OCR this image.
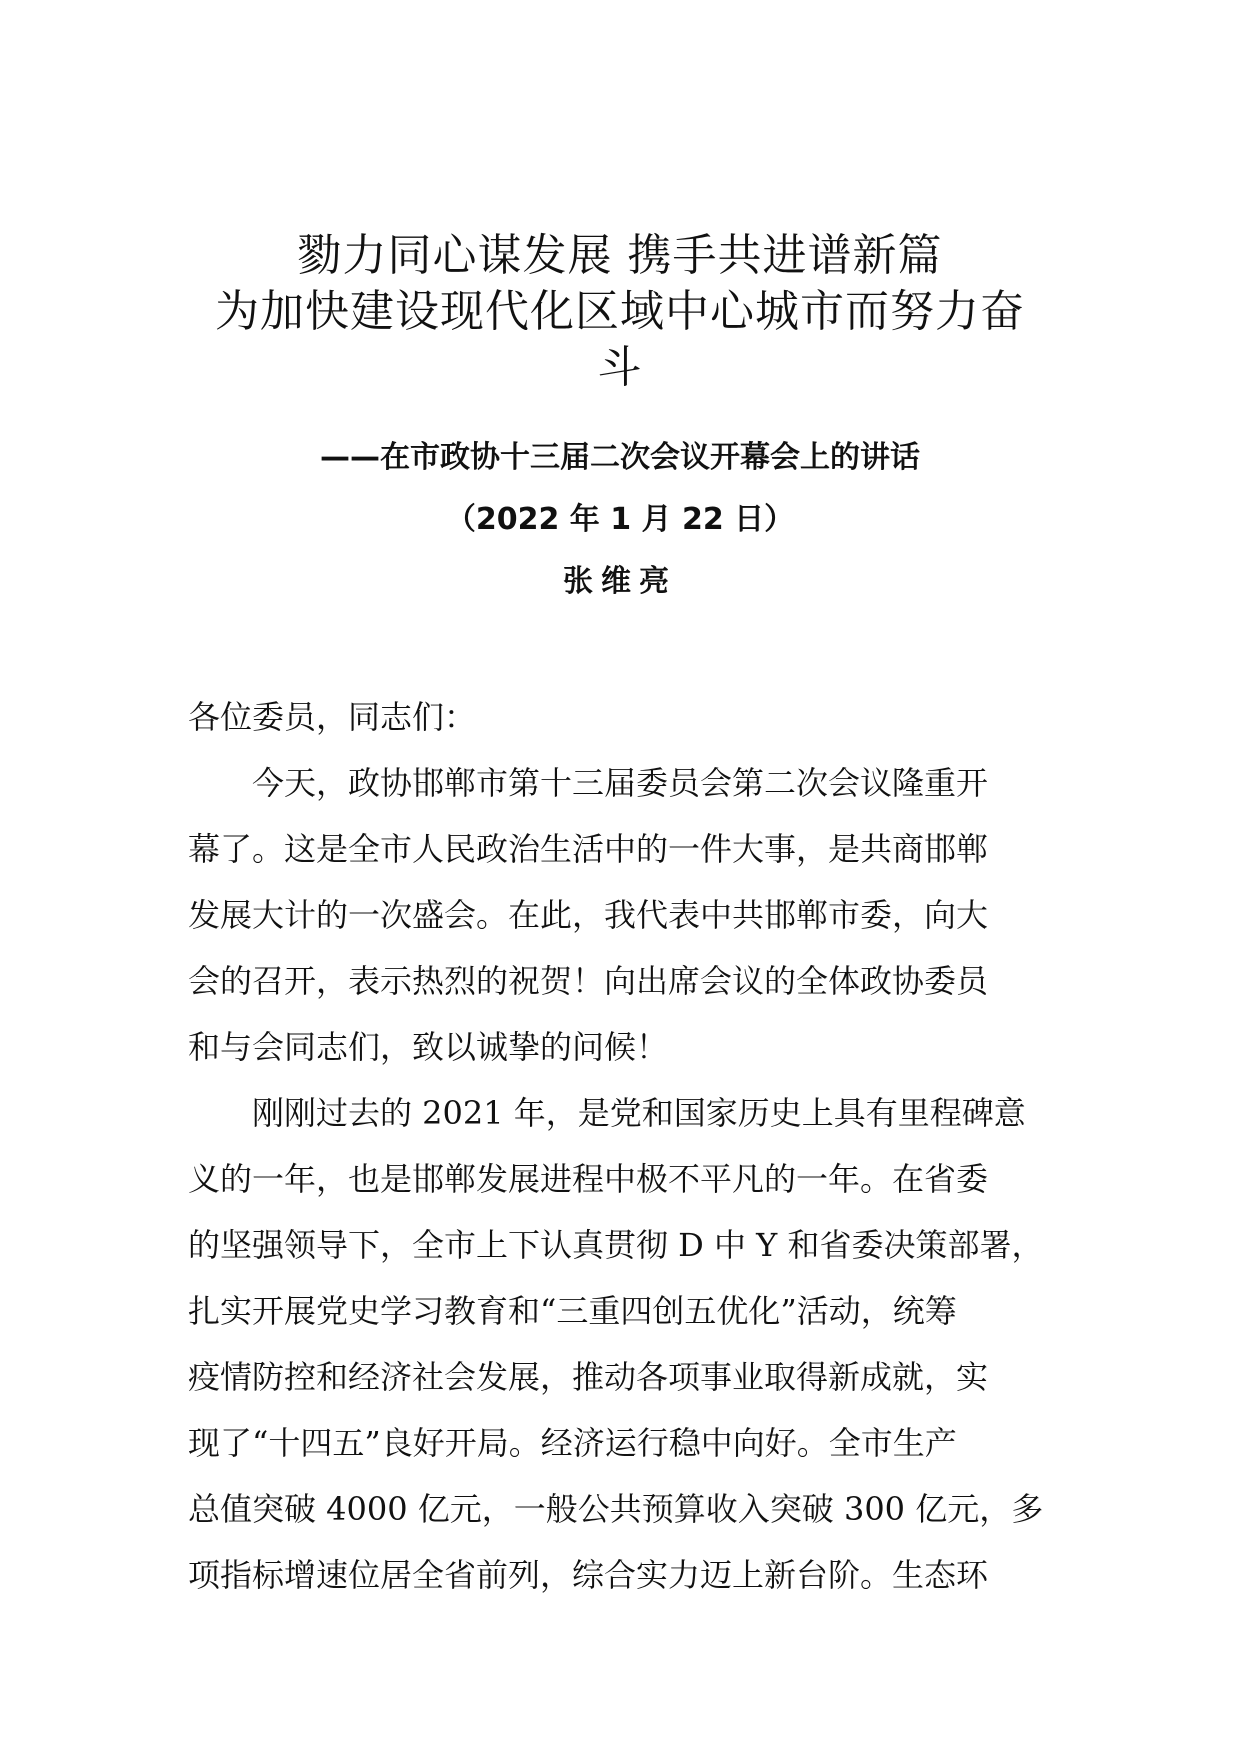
勠力同心谋发展 携手共进谱新篇
为加快建设现代化区域中心城市而努力奋
斗
——在市政协十三届二次会议开幕会上的讲话
（2022 年 1 月 22 日）
张维亮
各位委员，同志们：
今天，政协邯郸市第十三届委员会第二次会议隆重开
幕了。这是全市人民政治生活中的一件大事，是共商邯郸
发展大计的一次盛会。在此，我代表中共邯郸市委，向大
会的召开，表示热烈的祝贺！向出席会议的全体政协委员
和与会同志们，致以诚挚的问候！
刚刚过去的 2021 年，是党和国家历史上具有里程碑意
义的一年，也是邯郸发展进程中极不平凡的一年。在省委
的坚强领导下，全市上下认真贯彻 D 中 Y 和省委决策部署，
扎实开展党史学习教育和“三重四创五优化”活动，统筹
疫情防控和经济社会发展，推动各项事业取得新成就，实
现了“十四五”良好开局。经济运行稳中向好。全市生产
总值突破 4000 亿元，一般公共预算收入突破 300 亿元，多
项指标增速位居全省前列，综合实力迈上新台阶。生态环
